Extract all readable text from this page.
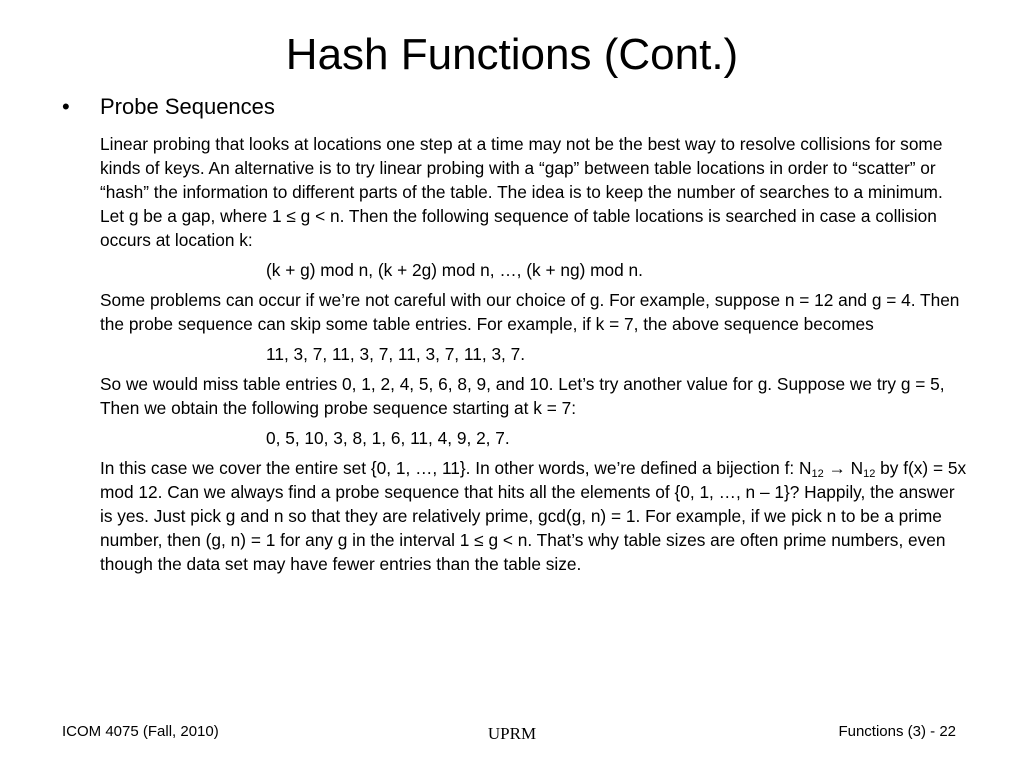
Hash Functions (Cont.)
•	Probe Sequences

Linear probing that looks at locations one step at a time may not be the best way to resolve collisions for some kinds of keys. An alternative is to try linear probing with a “gap” between table locations in order to “scatter” or “hash” the information to different parts of the table. The idea is to keep the number of searches to a minimum. Let g be a gap, where 1 ≤ g < n. Then the following sequence of table locations is searched in case a collision occurs at location k:

(k + g) mod n, (k + 2g) mod n, …, (k + ng) mod n.

Some problems can occur if we’re not careful with our choice of g. For example, suppose n = 12 and g = 4. Then the probe sequence can skip some table entries. For example, if k = 7, the above sequence becomes

11, 3, 7, 11, 3, 7, 11, 3, 7, 11, 3, 7.

So we would miss table entries 0, 1, 2, 4, 5, 6, 8, 9, and 10. Let’s try another value for g. Suppose we try g = 5, Then we obtain the following probe sequence starting at k = 7:

0, 5, 10, 3, 8, 1, 6, 11, 4, 9, 2, 7.

In this case we cover the entire set {0, 1, …, 11}. In other words, we’re defined a bijection f: $N_{12} \to N_{12}$ by f(x) = 5x mod 12. Can we always find a probe sequence that hits all the elements of {0, 1, …, n – 1}? Happily, the answer is yes. Just pick g and n so that they are relatively prime, gcd(g, n) = 1. For example, if we pick n to be a prime number, then (g, n) = 1 for any g in the interval 1 ≤ g < n. That’s why table sizes are often prime numbers, even though the data set may have fewer entries than the table size.

ICOM 4075 (Fall, 2010)	UPRM	Functions (3) - 22
